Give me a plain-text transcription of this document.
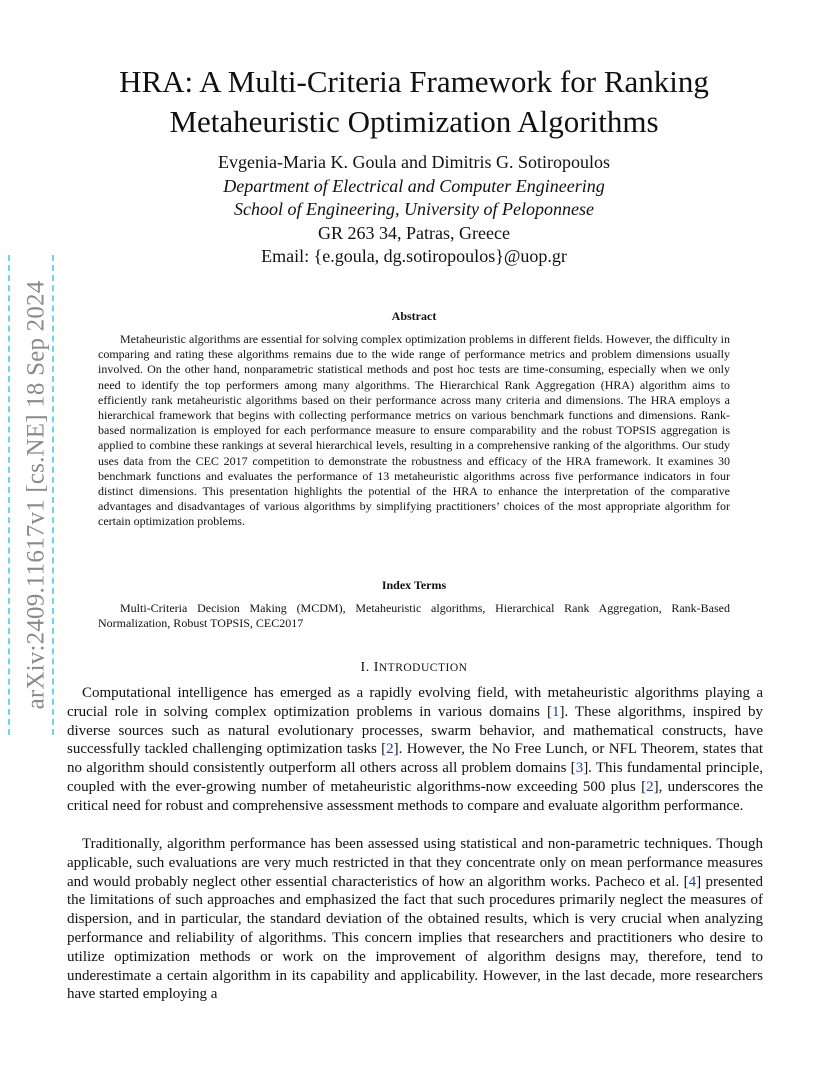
arXiv:2409.11617v1 [cs.NE] 18 Sep 2024
HRA: A Multi-Criteria Framework for Ranking
Metaheuristic Optimization Algorithms
Evgenia-Maria K. Goula and Dimitris G. Sotiropoulos
Department of Electrical and Computer Engineering
School of Engineering, University of Peloponnese
GR 263 34, Patras, Greece
Email: {e.goula, dg.sotiropoulos}@uop.gr
Abstract
Metaheuristic algorithms are essential for solving complex optimization problems in different fields. However, the difficulty in comparing and rating these algorithms remains due to the wide range of performance metrics and problem dimensions usually involved. On the other hand, nonparametric statistical methods and post hoc tests are time-consuming, especially when we only need to identify the top performers among many algorithms. The Hierarchical Rank Aggregation (HRA) algorithm aims to efficiently rank metaheuristic algorithms based on their performance across many criteria and dimensions. The HRA employs a hierarchical framework that begins with collecting performance metrics on various benchmark functions and dimensions. Rank-based normalization is employed for each performance measure to ensure comparability and the robust TOPSIS aggregation is applied to combine these rankings at several hierarchical levels, resulting in a comprehensive ranking of the algorithms. Our study uses data from the CEC 2017 competition to demonstrate the robustness and efficacy of the HRA framework. It examines 30 benchmark functions and evaluates the performance of 13 metaheuristic algorithms across five performance indicators in four distinct dimensions. This presentation highlights the potential of the HRA to enhance the interpretation of the comparative advantages and disadvantages of various algorithms by simplifying practitioners’ choices of the most appropriate algorithm for certain optimization problems.
Index Terms
Multi-Criteria Decision Making (MCDM), Metaheuristic algorithms, Hierarchical Rank Aggregation, Rank-Based Normalization, Robust TOPSIS, CEC2017
I. INTRODUCTION
Computational intelligence has emerged as a rapidly evolving field, with metaheuristic algorithms playing a crucial role in solving complex optimization problems in various domains [1]. These algorithms, inspired by diverse sources such as natural evolutionary processes, swarm behavior, and mathematical constructs, have successfully tackled challenging optimization tasks [2]. However, the No Free Lunch, or NFL Theorem, states that no algorithm should consistently outperform all others across all problem domains [3]. This fundamental principle, coupled with the ever-growing number of metaheuristic algorithms-now exceeding 500 plus [2], underscores the critical need for robust and comprehensive assessment methods to compare and evaluate algorithm performance.
Traditionally, algorithm performance has been assessed using statistical and non-parametric techniques. Though applicable, such evaluations are very much restricted in that they concentrate only on mean performance measures and would probably neglect other essential characteristics of how an algorithm works. Pacheco et al. [4] presented the limitations of such approaches and emphasized the fact that such procedures primarily neglect the measures of dispersion, and in particular, the standard deviation of the obtained results, which is very crucial when analyzing performance and reliability of algorithms. This concern implies that researchers and practitioners who desire to utilize optimization methods or work on the improvement of algorithm designs may, therefore, tend to underestimate a certain algorithm in its capability and applicability. However, in the last decade, more researchers have started employing a
